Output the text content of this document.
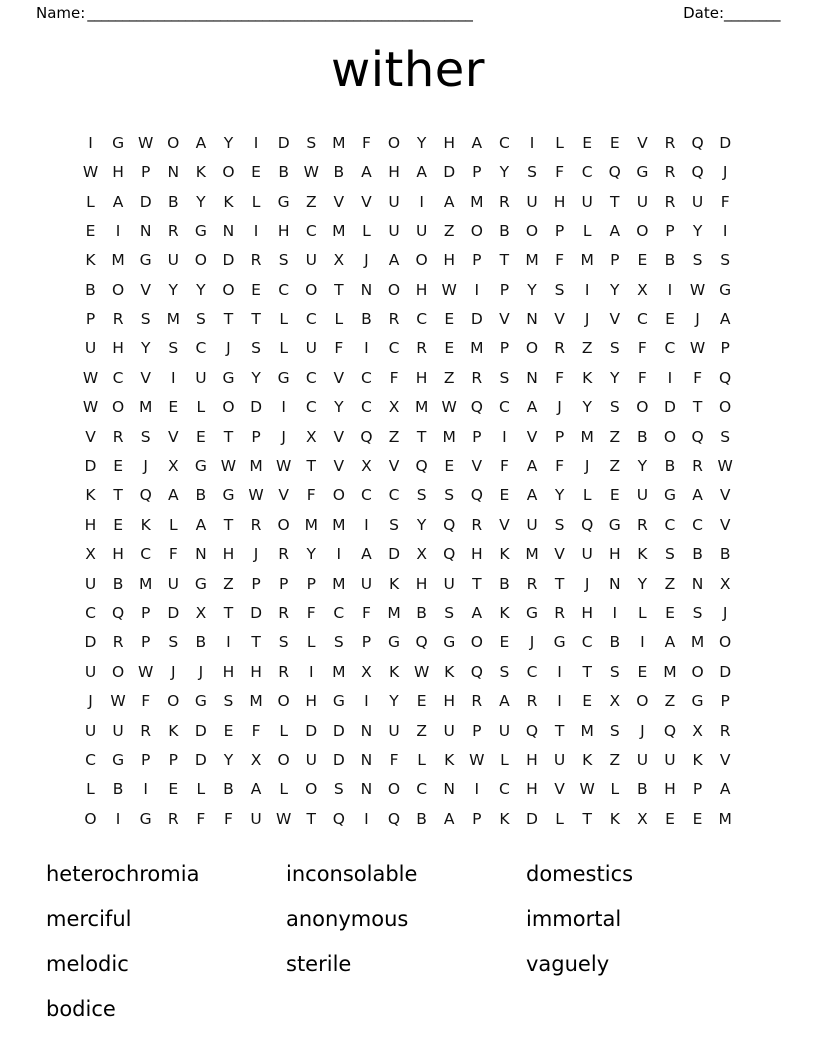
Name: _______________________________________________________	Date: ________
wither
I	G W O	A	Y	I	D	S	M	F	O	Y	H	A	C	I	L	E	E	V	R	Q	D
W H	P	N	K	O	E	B W B	A	H	A	D	P	Y	S	F	C	Q G	R	Q	J
L	A	D	B	Y	K	L	G	Z	V	V	U	I	A	M	R	U	H	U	T	U	R	U	F
E	I	N	R	G	N	I	H	C	M	L	U	U	Z	O	B	O	P	L	A	O	P	Y	I
K	M G	U	O	D	R	S	U	X	J	A	O	H	P	T	M	F	M	P	E	B	S	S
B	O	V	Y	Y	O	E	C	O	T	N	O	H W	I	P	Y	S	I	Y	X	I	W G
P	R	S	M	S	T	T	L	C	L	B	R	C	E	D	V	N	V	J	V	C	E	J	A
U	H	Y	S	C	J	S	L	U	F	I	C	R	E	M	P	O	R	Z	S	F	C W P
W C	V	I	U	G	Y	G	C	V	C	F	H	Z	R	S	N	F	K	Y	F	I	F	Q
W O M	E	L	O	D	I	C	Y	C	X	M W Q	C	A	J	Y	S	O	D	T	O
V	R	S	V	E	T	P	J	X	V	Q	Z	T	M	P	I	V	P	M	Z	B	O Q	S
D	E	J	X	G W M W T	V	X	V	Q	E	V	F	A	F	J	Z	Y	B	R W
K	T	Q	A	B	G W V	F	O	C	C	S	S	Q	E	A	Y	L	E	U	G	A	V
H	E	K	L	A	T	R	O M M	I	S	Y	Q	R	V	U	S	Q G	R	C	C	V
X	H	C	F	N	H	J	R	Y	I	A	D	X	Q	H	K	M	V	U	H	K	S	B	B
U	B	M U	G	Z	P	P	P	M U	K	H	U	T	B	R	T	J	N	Y	Z	N	X
C	Q	P	D	X	T	D	R	F	C	F	M	B	S	A	K	G	R	H	I	L	E	S	J
D	R	P	S	B	I	T	S	L	S	P	G Q G O	E	J	G	C	B	I	A	M O
U	O W	J	J	H	H	R	I	M	X	K W K	Q	S	C	I	T	S	E	M O	D
J	W F	O G	S	M O	H	G	I	Y	E	H	R	A	R	I	E	X	O	Z	G	P
U	U	R	K	D	E	F	L	D	D	N	U	Z	U	P	U	Q	T	M	S	J	Q	X	R
C	G	P	P	D	Y	X	O	U	D	N	F	L	K W	L	H	U	K	Z	U	U	K	V
L	B	I	E	L	B	A	L	O	S	N	O	C	N	I	C	H	V W	L	B	H	P	A
O	I	G	R	F	F	U W T	Q	I	Q	B	A	P	K	D	L	T	K	X	E	E	M
heterochromia	inconsolable	domestics
merciful	anonymous	immortal
melodic	sterile	vaguely
bodice
